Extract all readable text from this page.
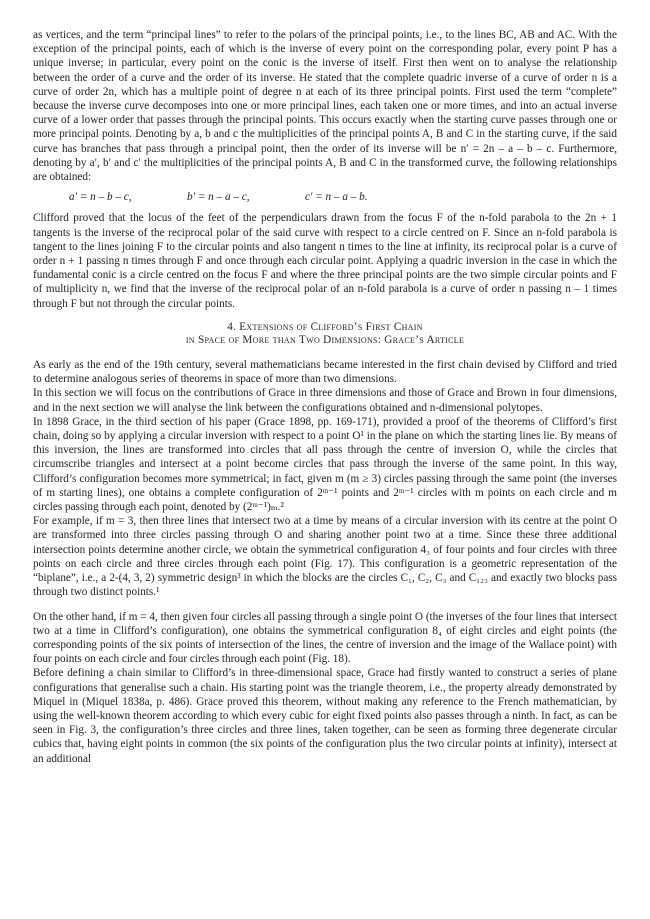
as vertices, and the term “principal lines” to refer to the polars of the principal points, i.e., to the lines BC, AB and AC. With the exception of the principal points, each of which is the inverse of every point on the corresponding polar, every point P has a unique inverse; in particular, every point on the conic is the inverse of itself. First then went on to analyse the relationship between the order of a curve and the order of its inverse. He stated that the complete quadric inverse of a curve of order n is a curve of order 2n, which has a multiple point of degree n at each of its three principal points. First used the term “complete” because the inverse curve decomposes into one or more principal lines, each taken one or more times, and into an actual inverse curve of a lower order that passes through the principal points. This occurs exactly when the starting curve passes through one or more principal points. Denoting by a, b and c the multiplicities of the principal points A, B and C in the starting curve, if the said curve has branches that pass through a principal point, then the order of its inverse will be n′ = 2n – a – b – c. Furthermore, denoting by a′, b′ and c′ the multiplicities of the principal points A, B and C in the transformed curve, the following relationships are obtained:

a′ = n – b – c,	b′ = n – a – c,	c′ = n – a – b.

Clifford proved that the locus of the feet of the perpendiculars drawn from the focus F of the n-fold parabola to the 2n + 1 tangents is the inverse of the reciprocal polar of the said curve with respect to a circle centred on F. Since an n-fold parabola is tangent to the lines joining F to the circular points and also tangent n times to the line at infinity, its reciprocal polar is a curve of order n + 1 passing n times through F and once through each circular point. Applying a quadric inversion in the case in which the fundamental conic is a circle centred on the focus F and where the three principal points are the two simple circular points and F of multiplicity n, we find that the inverse of the reciprocal polar of an n-fold parabola is a curve of order n passing n – 1 times through F but not through the circular points.

4. Extensions of Clifford’s First Chain
in Space of More than Two Dimensions: Grace’s Article

As early as the end of the 19th century, several mathematicians became interested in the first chain devised by Clifford and tried to determine analogous series of theorems in space of more than two dimensions.

In this section we will focus on the contributions of Grace in three dimensions and those of Grace and Brown in four dimensions, and in the next section we will analyse the link between the configurations obtained and n-dimensional polytopes.

In 1898 Grace, in the third section of his paper (Grace 1898, pp. 169-171), provided a proof of the theorems of Clifford’s first chain, doing so by applying a circular inversion with respect to a point O¹ in the plane on which the starting lines lie. By means of this inversion, the lines are transformed into circles that all pass through the centre of inversion O, while the circles that circumscribe triangles and intersect at a point become circles that pass through the inverse of the same point. In this way, Clifford’s configuration becomes more symmetrical; in fact, given m (m ≥ 3) circles passing through the same point (the inverses of m starting lines), one obtains a complete configuration of 2ᵐ⁻¹ points and 2ᵐ⁻¹ circles with m points on each circle and m circles passing through each point, denoted by (2ᵐ⁻¹)ₘ.²

For example, if m = 3, then three lines that intersect two at a time by means of a circular inversion with its centre at the point O are transformed into three circles passing through O and sharing another point two at a time. Since these three additional intersection points determine another circle, we obtain the symmetrical configuration 4₃ of four points and four circles with three points on each circle and three circles through each point (Fig. 17). This configuration is a geometric representation of the “biplane”, i.e., a 2-(4, 3, 2) symmetric design³ in which the blocks are the circles C₁, C₂, C₃ and C₁₂₃ and exactly two blocks pass through two distinct points.¹

On the other hand, if m = 4, then given four circles all passing through a single point O (the inverses of the four lines that intersect two at a time in Clifford’s configuration), one obtains the symmetrical configuration 8₄ of eight circles and eight points (the corresponding points of the six points of intersection of the lines, the centre of inversion and the image of the Wallace point) with four points on each circle and four circles through each point (Fig. 18).

Before defining a chain similar to Clifford’s in three-dimensional space, Grace had firstly wanted to construct a series of plane configurations that generalise such a chain. His starting point was the triangle theorem, i.e., the property already demonstrated by Miquel in (Miquel 1838a, p. 486). Grace proved this theorem, without making any reference to the French mathematician, by using the well-known theorem according to which every cubic for eight fixed points also passes through a ninth. In fact, as can be seen in Fig. 3, the configuration’s three circles and three lines, taken together, can be seen as forming three degenerate circular cubics that, having eight points in common (the six points of the configuration plus the two circular points at infinity), intersect at an additional
